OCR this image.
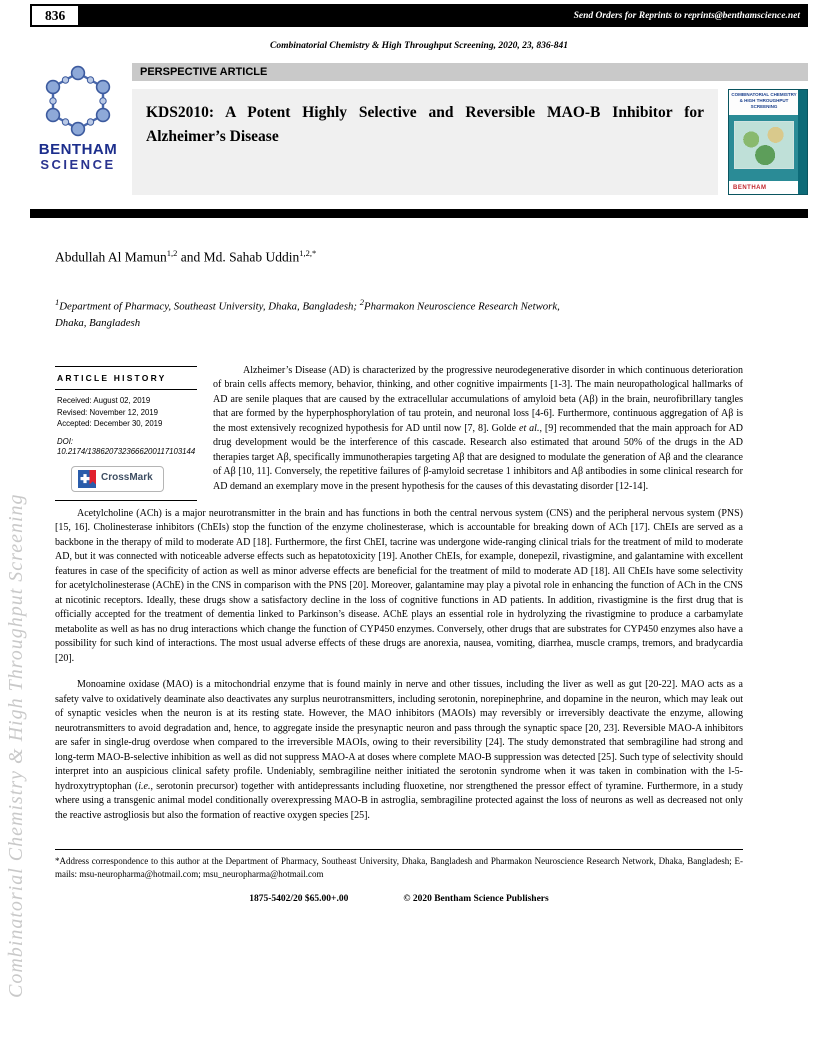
Combinatorial Chemistry & High Throughput Screening
836	Send Orders for Reprints to reprints@benthamscience.net
Combinatorial Chemistry & High Throughput Screening, 2020, 23, 836-841
BENTHAM
SCIENCE
PERSPECTIVE ARTICLE
KDS2010: A Potent Highly Selective and Reversible MAO-B Inhibitor for Alzheimer’s Disease
COMBINATORIAL CHEMISTRY & HIGH THROUGHPUT SCREENING
BENTHAM
Abdullah Al Mamun$^{1,2}$ and Md. Sahab Uddin$^{1,2,*}$
$^1$Department of Pharmacy, Southeast University, Dhaka, Bangladesh; $^2$Pharmakon Neuroscience Research Network,
Dhaka, Bangladesh
ARTICLE HISTORY
Received: August 02, 2019
Revised: November 12, 2019
Accepted: December 30, 2019
DOI:
10.2174/1386207323666200117103144
CrossMark

Alzheimer’s Disease (AD) is characterized by the progressive neurodegenerative disorder in which continuous deterioration of brain cells affects memory, behavior, thinking, and other cognitive impairments [1-3]. The main neuropathological hallmarks of AD are senile plaques that are caused by the extracellular accumulations of amyloid beta (Aβ) in the brain, neurofibrillary tangles that are formed by the hyperphosphorylation of tau protein, and neuronal loss [4-6]. Furthermore, continuous aggregation of Aβ is the most extensively recognized hypothesis for AD until now [7, 8]. Golde et al., [9] recommended that the main approach for AD drug development would be the interference of this cascade. Research also estimated that around 50% of the drugs in the AD therapies target Aβ, specifically immunotherapies targeting Aβ that are designed to modulate the generation of Aβ and the clearance of Aβ [10, 11]. Conversely, the repetitive failures of β-amyloid secretase 1 inhibitors and Aβ antibodies in some clinical research for AD demand an exemplary move in the present hypothesis for the causes of this devastating disorder [12-14].

Acetylcholine (ACh) is a major neurotransmitter in the brain and has functions in both the central nervous system (CNS) and the peripheral nervous system (PNS) [15, 16]. Cholinesterase inhibitors (ChEIs) stop the function of the enzyme cholinesterase, which is accountable for breaking down of ACh [17]. ChEIs are served as a backbone in the therapy of mild to moderate AD [18]. Furthermore, the first ChEI, tacrine was undergone wide-ranging clinical trials for the treatment of mild to moderate AD, but it was connected with noticeable adverse effects such as hepatotoxicity [19]. Another ChEIs, for example, donepezil, rivastigmine, and galantamine with excellent features in case of the specificity of action as well as minor adverse effects are beneficial for the treatment of mild to moderate AD [18]. All ChEIs have some selectivity for acetylcholinesterase (AChE) in the CNS in comparison with the PNS [20]. Moreover, galantamine may play a pivotal role in enhancing the function of ACh in the CNS at nicotinic receptors. Ideally, these drugs show a satisfactory decline in the loss of cognitive functions in AD patients. In addition, rivastigmine is the first drug that is officially accepted for the treatment of dementia linked to Parkinson’s disease. AChE plays an essential role in hydrolyzing the rivastigmine to produce a carbamylate metabolite as well as has no drug interactions which change the function of CYP450 enzymes. Conversely, other drugs that are substrates for CYP450 enzymes also have a possibility for such kind of interactions. The most usual adverse effects of these drugs are anorexia, nausea, vomiting, diarrhea, muscle cramps, tremors, and bradycardia [20].

Monoamine oxidase (MAO) is a mitochondrial enzyme that is found mainly in nerve and other tissues, including the liver as well as gut [20-22]. MAO acts as a safety valve to oxidatively deaminate also deactivates any surplus neurotransmitters, including serotonin, norepinephrine, and dopamine in the neuron, which may leak out of synaptic vesicles when the neuron is at its resting state. However, the MAO inhibitors (MAOIs) may reversibly or irreversibly deactivate the enzyme, allowing neurotransmitters to avoid degradation and, hence, to aggregate inside the presynaptic neuron and pass through the synaptic space [20, 23]. Reversible MAO-A inhibitors are safer in single-drug overdose when compared to the irreversible MAOIs, owing to their reversibility [24]. The study demonstrated that sembragiline had strong and long-term MAO-B-selective inhibition as well as did not suppress MAO-A at doses where complete MAO-B suppression was detected [25]. Such type of selectivity should interpret into an auspicious clinical safety profile. Undeniably, sembragiline neither initiated the serotonin syndrome when it was taken in combination with the l-5-hydroxytryptophan (i.e., serotonin precursor) together with antidepressants including fluoxetine, nor strengthened the pressor effect of tyramine. Furthermore, in a study where using a transgenic animal model conditionally overexpressing MAO-B in astroglia, sembragiline protected against the loss of neurons as well as decreased not only the reactive astrogliosis but also the formation of reactive oxygen species [25].

*Address correspondence to this author at the Department of Pharmacy, Southeast University, Dhaka, Bangladesh and Pharmakon Neuroscience Research Network, Dhaka, Bangladesh; E-mails: msu-neuropharma@hotmail.com; msu_neuropharma@hotmail.com
1875-5402/20 $65.00+.00	© 2020 Bentham Science Publishers
